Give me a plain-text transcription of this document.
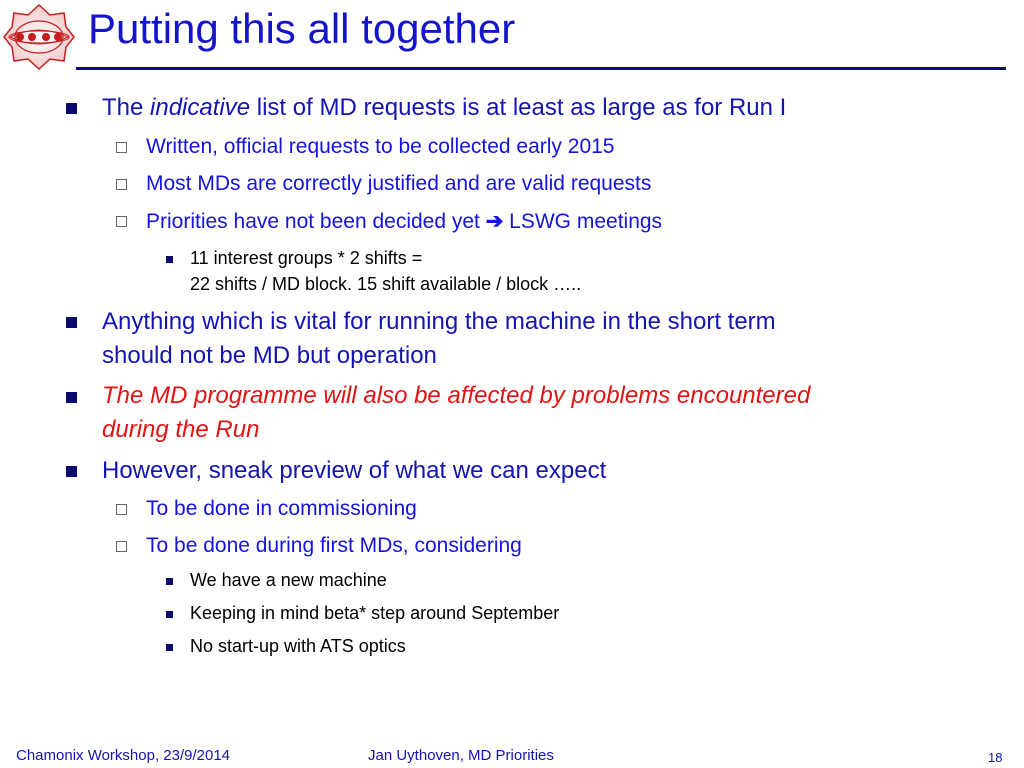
Putting this all together
The indicative list of MD requests is at least as large as for Run I
Written, official requests to be collected early 2015
Most MDs are correctly justified and are valid requests
Priorities have not been decided yet ➔ LSWG meetings
11 interest groups * 2 shifts =
22 shifts / MD block. 15 shift available / block …..
Anything which is vital for running the machine in the short term
should not be MD but operation
The MD programme will also be affected by problems encountered
during the Run
However, sneak preview of what we can expect
To be done in commissioning
To be done during first MDs, considering
We have a new machine
Keeping in mind beta* step around September
No start-up with ATS optics
Chamonix Workshop, 23/9/2014	Jan Uythoven, MD Priorities	18
